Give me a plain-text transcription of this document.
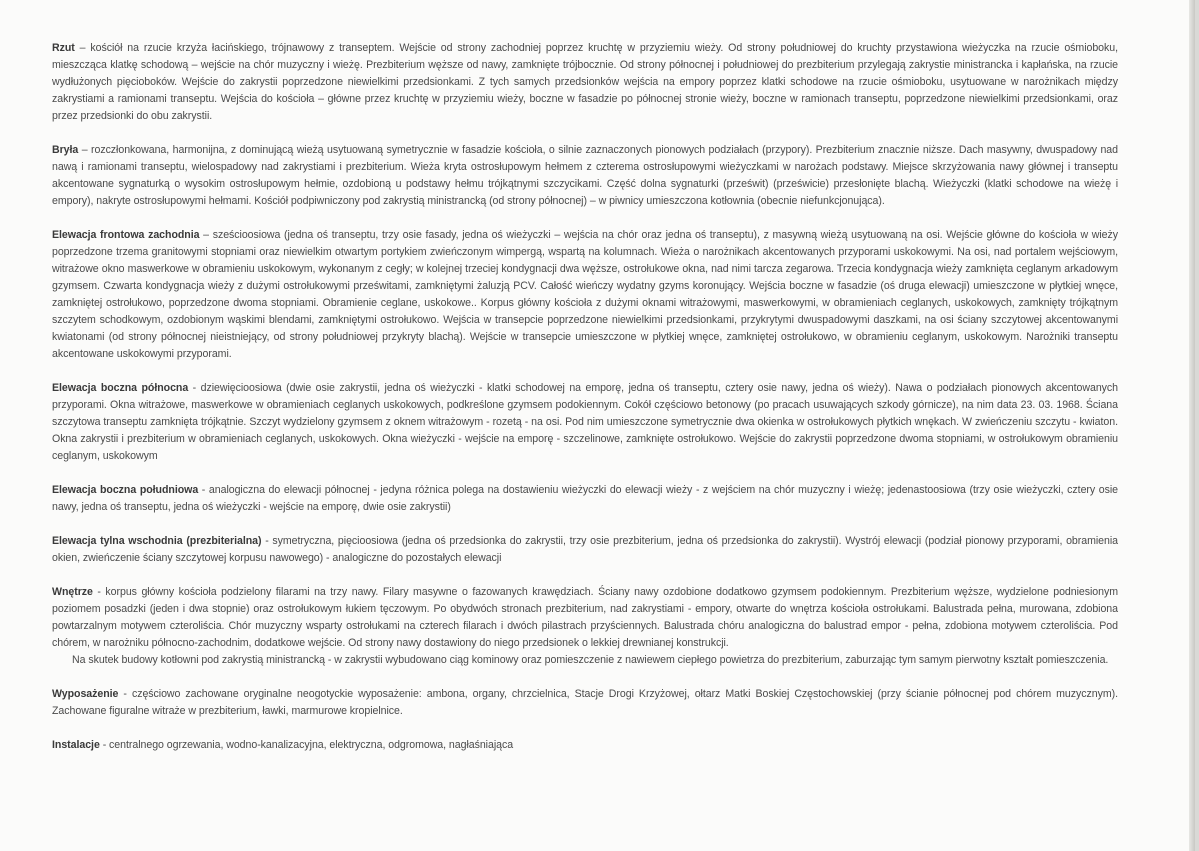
Rzut – kościół na rzucie krzyża łacińskiego, trójnawowy z transeptem. Wejście od strony zachodniej poprzez kruchtę w przyziemiu wieży. Od strony południowej do kruchty przystawiona wieżyczka na rzucie ośmioboku, mieszcząca klatkę schodową – wejście na chór muzyczny i wieżę. Prezbiterium węższe od nawy, zamknięte trójbocznie. Od strony północnej i południowej do prezbiterium przylegają zakrystie ministrancka i kapłańska, na rzucie wydłużonych pięcioboków. Wejście do zakrystii poprzedzone niewielkimi przedsionkami. Z tych samych przedsionków wejścia na empory poprzez klatki schodowe na rzucie ośmioboku, usytuowane w narożnikach między zakrystiami a ramionami transeptu. Wejścia do kościoła – główne przez kruchtę w przyziemiu wieży, boczne w fasadzie po północnej stronie wieży, boczne w ramionach transeptu, poprzedzone niewielkimi przedsionkami, oraz przez przedsionki do obu zakrystii.

Bryła – rozczłonkowana, harmonijna, z dominującą wieżą usytuowaną symetrycznie w fasadzie kościoła, o silnie zaznaczonych pionowych podziałach (przypory). Prezbiterium znacznie niższe. Dach masywny, dwuspadowy nad nawą i ramionami transeptu, wielospadowy nad zakrystiami i prezbiterium. Wieża kryta ostrosłupowym hełmem z czterema ostrosłupowymi wieżyczkami w narożach podstawy. Miejsce skrzyżowania nawy głównej i transeptu akcentowane sygnaturką o wysokim ostrosłupowym hełmie, ozdobioną u podstawy hełmu trójkątnymi szczycikami. Część dolna sygnaturki (prześwit) (prześwicie) przesłonięte blachą. Wieżyczki (klatki schodowe na wieżę i empory), nakryte ostrosłupowymi hełmami. Kościół podpiwniczony pod zakrystią ministrancką (od strony północnej) – w piwnicy umieszczona kotłownia (obecnie niefunkcjonująca).

Elewacja frontowa zachodnia – sześcioosiowa (jedna oś transeptu, trzy osie fasady, jedna oś wieżyczki – wejścia na chór oraz jedna oś transeptu), z masywną wieżą usytuowaną na osi. Wejście główne do kościoła w wieży poprzedzone trzema granitowymi stopniami oraz niewielkim otwartym portykiem zwieńczonym wimpergą, wspartą na kolumnach. Wieża o narożnikach akcentowanych przyporami uskokowymi. Na osi, nad portalem wejściowym, witrażowe okno maswerkowe w obramieniu uskokowym, wykonanym z cegły; w kolejnej trzeciej kondygnacji dwa węższe, ostrołukowe okna, nad nimi tarcza zegarowa. Trzecia kondygnacja wieży zamknięta ceglanym arkadowym gzymsem. Czwarta kondygnacja wieży z dużymi ostrołukowymi prześwitami, zamkniętymi żaluzją PCV. Całość wieńczy wydatny gzyms koronujący. Wejścia boczne w fasadzie (oś druga elewacji) umieszczone w płytkiej wnęce, zamkniętej ostrołukowo, poprzedzone dwoma stopniami. Obramienie ceglane, uskokowe.. Korpus główny kościoła z dużymi oknami witrażowymi, maswerkowymi, w obramieniach ceglanych, uskokowych, zamknięty trójkątnym szczytem schodkowym, ozdobionym wąskimi blendami, zamkniętymi ostrołukowo. Wejścia w transepcie poprzedzone niewielkimi przedsionkami, przykrytymi dwuspadowymi daszkami, na osi ściany szczytowej akcentowanymi kwiatonami (od strony północnej nieistniejący, od strony południowej przykryty blachą). Wejście w transepcie umieszczone w płytkiej wnęce, zamkniętej ostrołukowo, w obramieniu ceglanym, uskokowym. Narożniki transeptu akcentowane uskokowymi przyporami.

Elewacja boczna północna - dziewięcioosiowa (dwie osie zakrystii, jedna oś wieżyczki - klatki schodowej na emporę, jedna oś transeptu, cztery osie nawy, jedna oś wieży). Nawa o podziałach pionowych akcentowanych przyporami. Okna witrażowe, maswerkowe w obramieniach ceglanych uskokowych, podkreślone gzymsem podokiennym. Cokół częściowo betonowy (po pracach usuwających szkody górnicze), na nim data 23. 03. 1968. Ściana szczytowa transeptu zamknięta trójkątnie. Szczyt wydzielony gzymsem z oknem witrażowym - rozetą - na osi. Pod nim umieszczone symetrycznie dwa okienka w ostrołukowych płytkich wnękach. W zwieńczeniu szczytu - kwiaton. Okna zakrystii i prezbiterium w obramieniach ceglanych, uskokowych. Okna wieżyczki - wejście na emporę - szczelinowe, zamknięte ostrołukowo. Wejście do zakrystii poprzedzone dwoma stopniami, w ostrołukowym obramieniu ceglanym, uskokowym

Elewacja boczna południowa - analogiczna do elewacji północnej - jedyna różnica polega na dostawieniu wieżyczki do elewacji wieży - z wejściem na chór muzyczny i wieżę; jedenastoosiowa (trzy osie wieżyczki, cztery osie nawy, jedna oś transeptu, jedna oś wieżyczki - wejście na emporę, dwie osie zakrystii)

Elewacja tylna wschodnia (prezbiterialna) - symetryczna, pięcioosiowa (jedna oś przedsionka do zakrystii, trzy osie prezbiterium, jedna oś przedsionka do zakrystii). Wystrój elewacji (podział pionowy przyporami, obramienia okien, zwieńczenie ściany szczytowej korpusu nawowego) - analogiczne do pozostałych elewacji

Wnętrze - korpus główny kościoła podzielony filarami na trzy nawy. Filary masywne o fazowanych krawędziach. Ściany nawy ozdobione dodatkowo gzymsem podokiennym. Prezbiterium węższe, wydzielone podniesionym poziomem posadzki (jeden i dwa stopnie) oraz ostrołukowym łukiem tęczowym. Po obydwóch stronach prezbiterium, nad zakrystiami - empory, otwarte do wnętrza kościoła ostrołukami. Balustrada pełna, murowana, zdobiona powtarzalnym motywem czteroliścia. Chór muzyczny wsparty ostrołukami na czterech filarach i dwóch pilastrach przyściennych. Balustrada chóru analogiczna do balustrad empor - pełna, zdobiona motywem czteroliścia. Pod chórem, w narożniku północno-zachodnim, dodatkowe wejście. Od strony nawy dostawiony do niego przedsionek o lekkiej drewnianej konstrukcji.

Na skutek budowy kotłowni pod zakrystią ministrancką - w zakrystii wybudowano ciąg kominowy oraz pomieszczenie z nawiewem ciepłego powietrza do prezbiterium, zaburzając tym samym pierwotny kształt pomieszczenia.

Wyposażenie - częściowo zachowane oryginalne neogotyckie wyposażenie: ambona, organy, chrzcielnica, Stacje Drogi Krzyżowej, ołtarz Matki Boskiej Częstochowskiej (przy ścianie północnej pod chórem muzycznym). Zachowane figuralne witraże w prezbiterium, ławki, marmurowe kropielnice.

Instalacje - centralnego ogrzewania, wodno-kanalizacyjna, elektryczna, odgromowa, nagłaśniająca
